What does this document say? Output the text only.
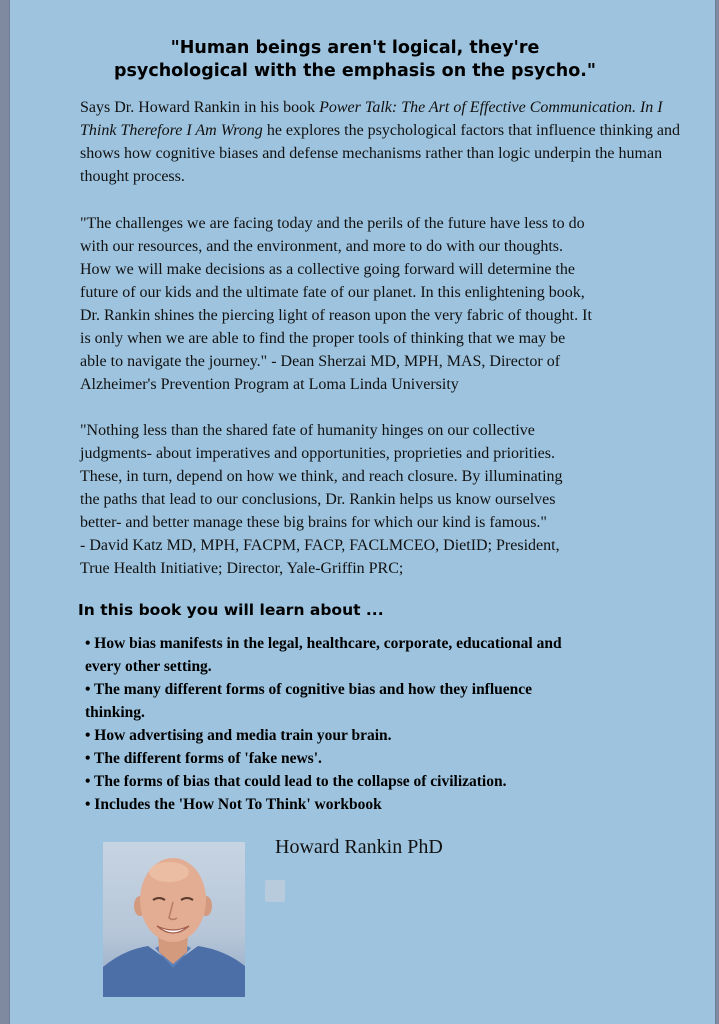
"Human beings aren't logical, they're
psychological with the emphasis on the psycho."
Says Dr. Howard Rankin in his book Power Talk: The Art of Effective Communication. In I Think Therefore I Am Wrong he explores the psychological factors that influence thinking and shows how cognitive biases and defense mechanisms rather than logic underpin the human thought process.
"The challenges we are facing today and the perils of the future have less to do
with our resources, and the environment, and more to do with our thoughts.
How we will make decisions as a collective going forward will determine the
future of our kids and the ultimate fate of our planet. In this enlightening book,
Dr. Rankin shines the piercing light of reason upon the very fabric of thought. It
is only when we are able to find the proper tools of thinking that we may be
able to navigate the journey." - Dean Sherzai MD, MPH, MAS, Director of
Alzheimer's Prevention Program at Loma Linda University
"Nothing less than the shared fate of humanity hinges on our collective
judgments- about imperatives and opportunities, proprieties and priorities.
These, in turn, depend on how we think, and reach closure. By illuminating
the paths that lead to our conclusions, Dr. Rankin helps us know ourselves
better- and better manage these big brains for which our kind is famous."
- David Katz MD, MPH, FACPM, FACP, FACLMCEO, DietID; President,
True Health Initiative; Director, Yale-Griffin PRC;
In this book you will learn about ...
• How bias manifests in the legal, healthcare, corporate, educational and
every other setting.
• The many different forms of cognitive bias and how they influence
thinking.
• How advertising and media train your brain.
• The different forms of 'fake news'.
• The forms of bias that could lead to the collapse of civilization.
• Includes the 'How Not To Think' workbook
Howard Rankin PhD
